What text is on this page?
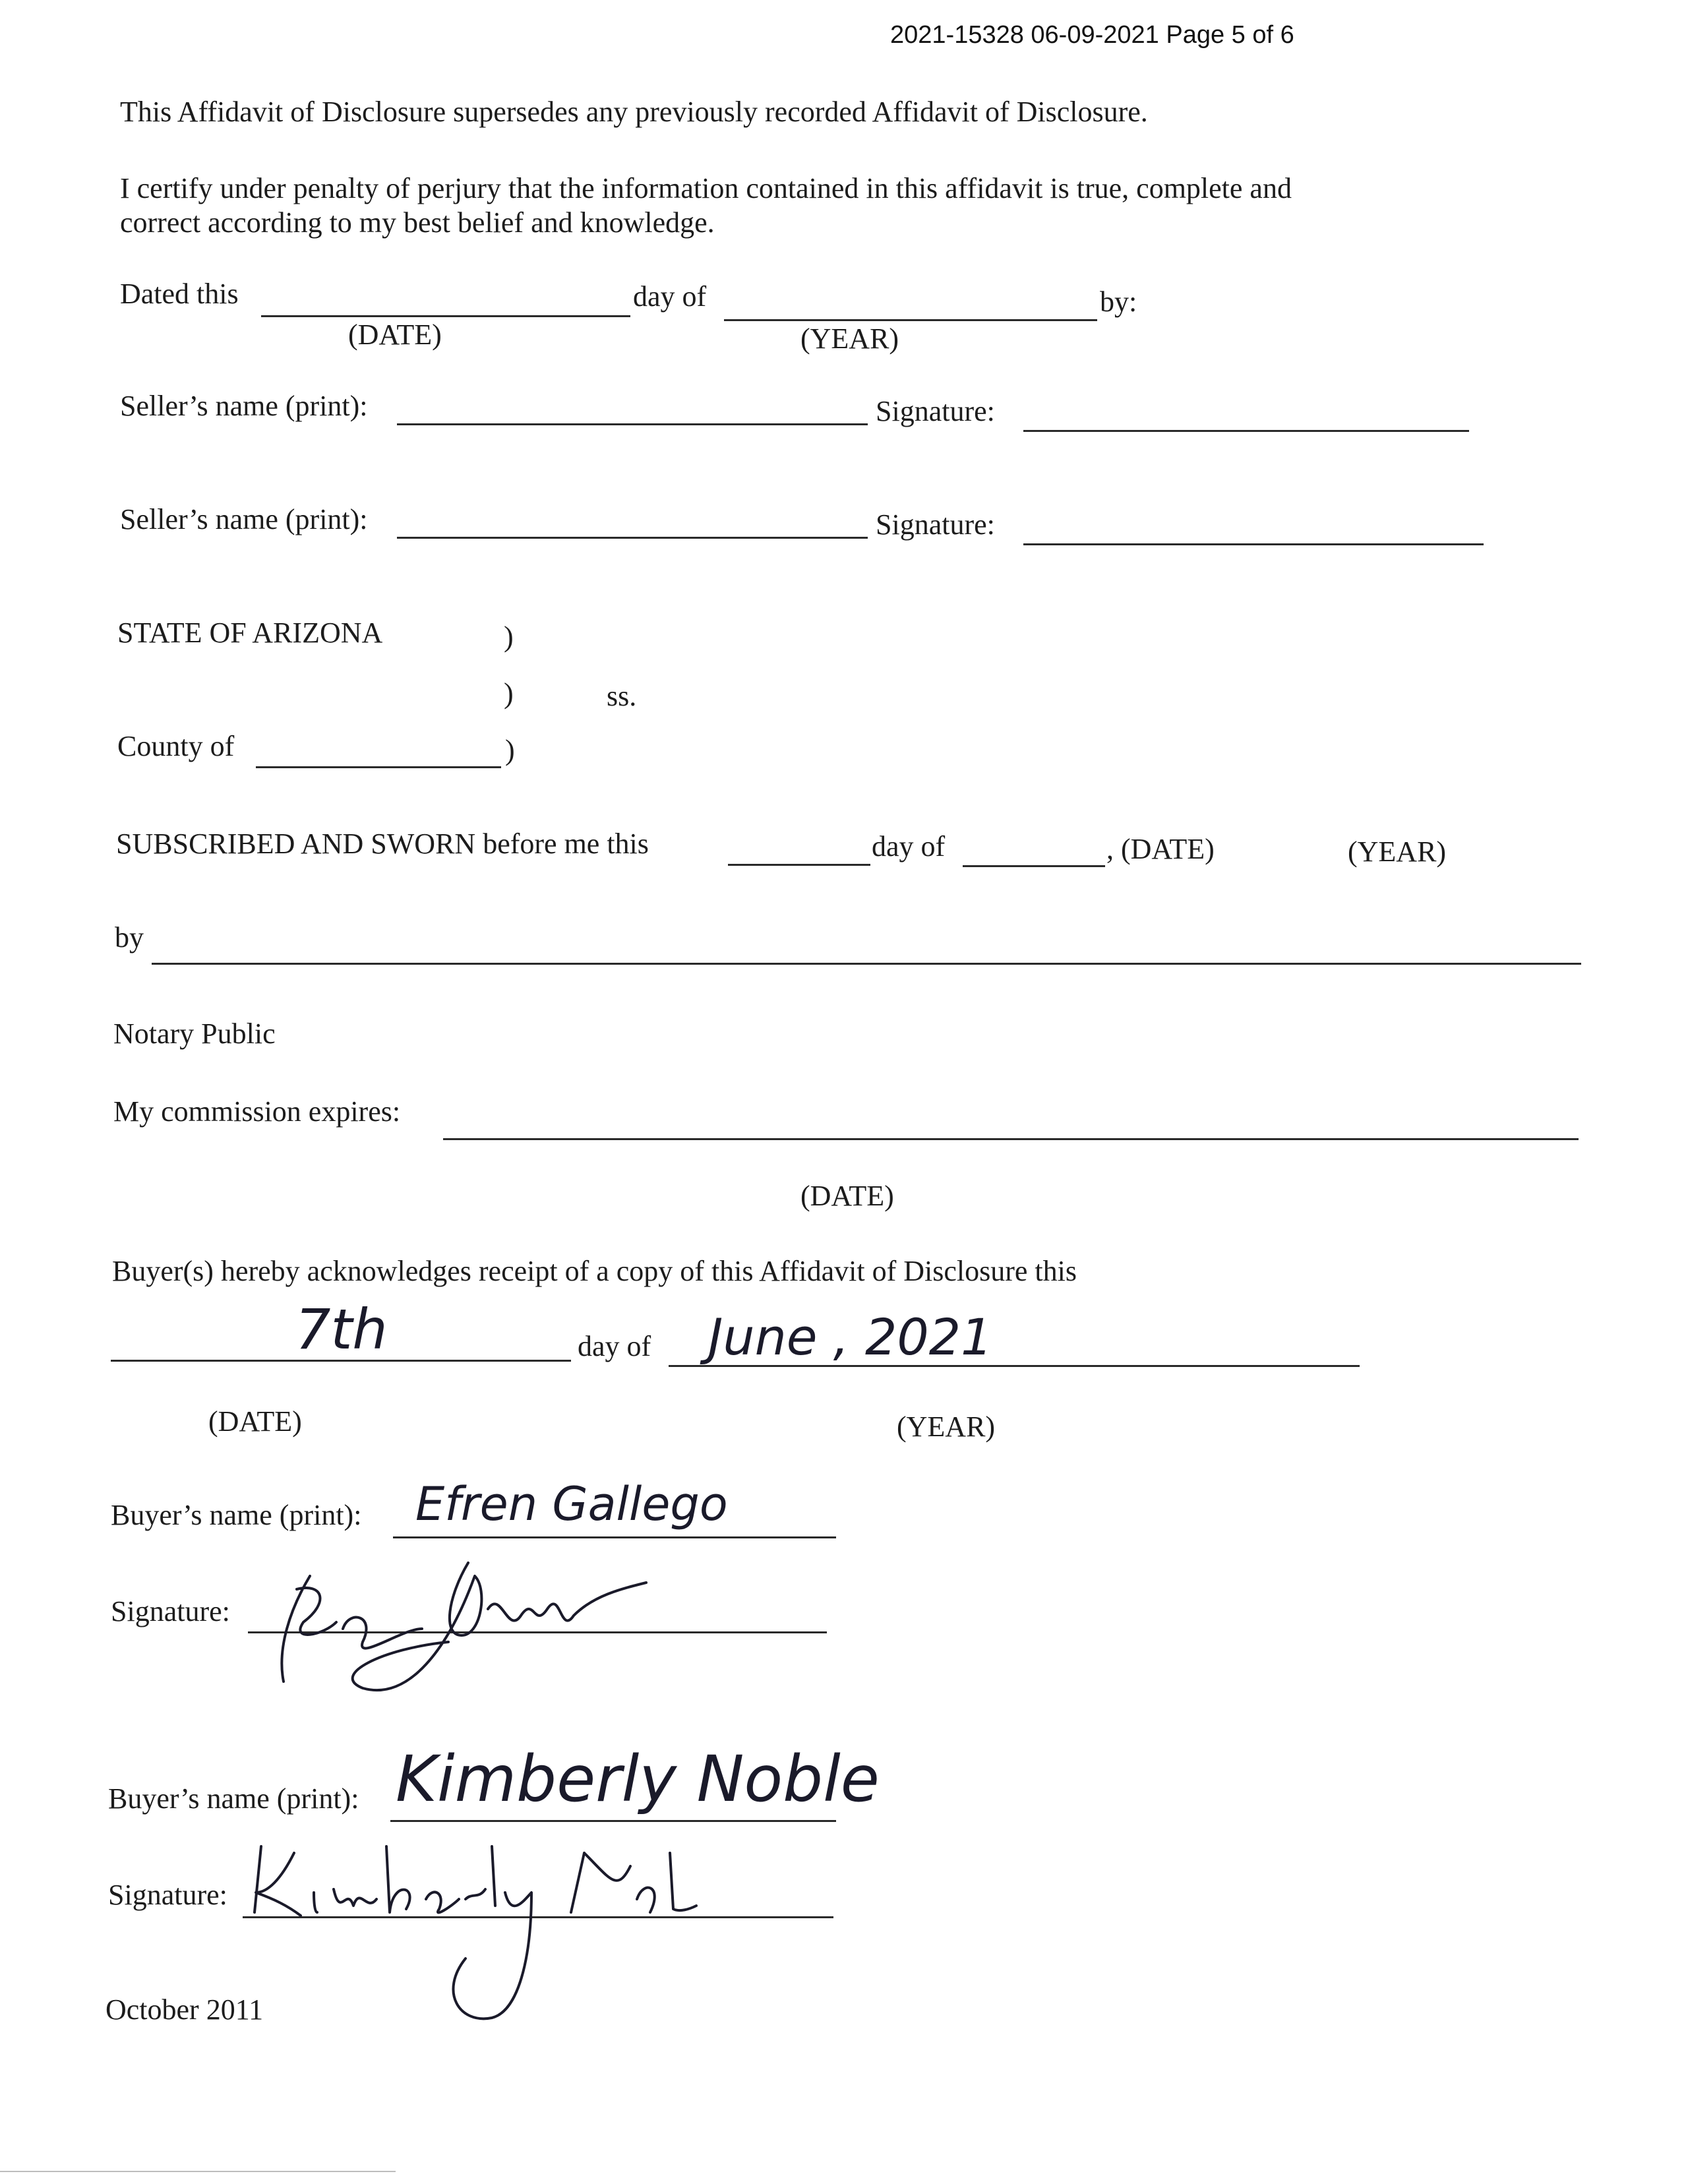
2021-15328 06-09-2021 Page 5 of 6
This Affidavit of Disclosure supersedes any previously recorded Affidavit of Disclosure.
I certify under penalty of perjury that the information contained in this affidavit is true, complete and
correct according to my best belief and knowledge.
Dated this	day of	by:
(DATE)	(YEAR)
Seller’s name (print):	Signature:
Seller’s name (print):	Signature:
STATE OF ARIZONA	)
)	ss.
County of	)
SUBSCRIBED AND SWORN before me this	day of	, (DATE)	(YEAR)
by
Notary Public
My commission expires:
(DATE)
Buyer(s) hereby acknowledges receipt of a copy of this Affidavit of Disclosure this
7th	day of June , 2021
(DATE)	(YEAR)
Buyer’s name (print): Efren Gallego
Signature:
Buyer’s name (print): Kimberly Noble
Signature:
October 2011
